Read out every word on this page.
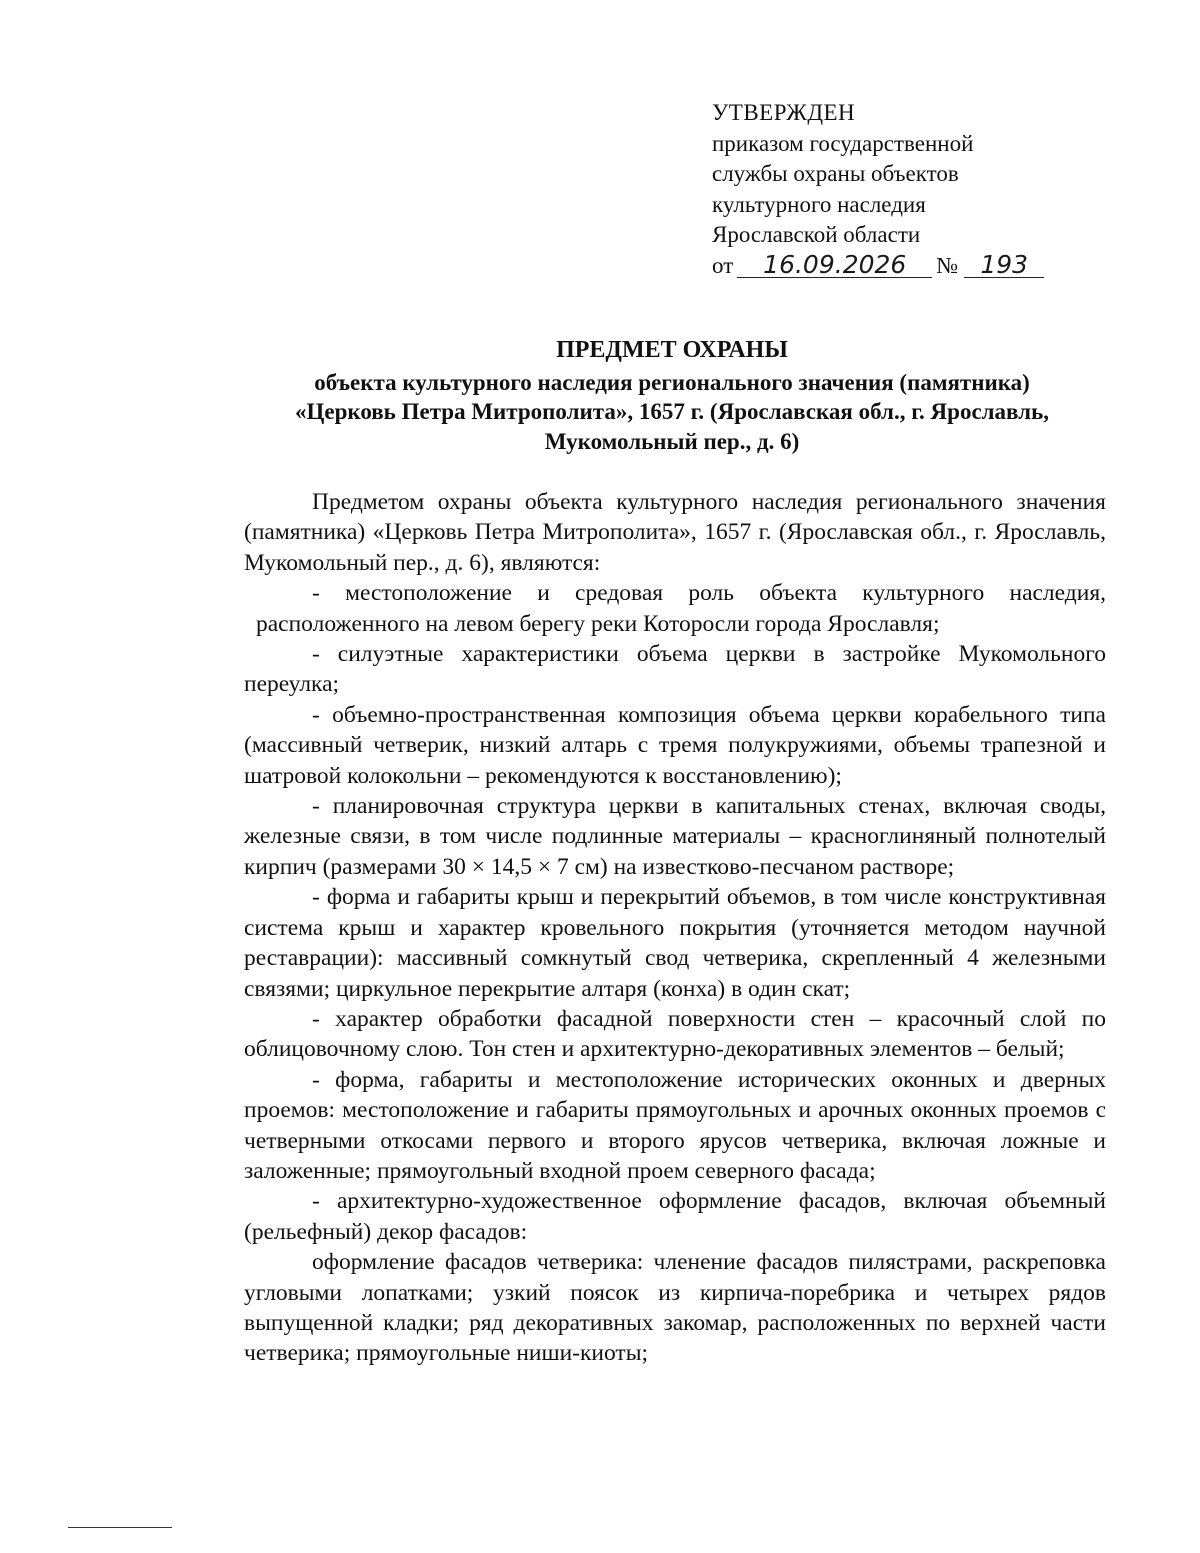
УТВЕРЖДЕН
приказом государственной
службы охраны объектов
культурного наследия
Ярославской области
от 16.09.2026 № 193
ПРЕДМЕТ ОХРАНЫ
объекта культурного наследия регионального значения (памятника)
«Церковь Петра Митрополита», 1657 г. (Ярославская обл., г. Ярославль,
Мукомольный пер., д. 6)

Предметом охраны объекта культурного наследия регионального значения (памятника) «Церковь Петра Митрополита», 1657 г. (Ярославская обл., г. Ярославль, Мукомольный пер., д. 6), являются:

- местоположение и средовая роль объекта культурного наследия, расположенного на левом берегу реки Которосли города Ярославля;

- силуэтные характеристики объема церкви в застройке Мукомольного переулка;

- объемно-пространственная композиция объема церкви корабельного типа (массивный четверик, низкий алтарь с тремя полукружиями, объемы трапезной и шатровой колокольни – рекомендуются к восстановлению);

- планировочная структура церкви в капитальных стенах, включая своды, железные связи, в том числе подлинные материалы – красноглиняный полнотелый кирпич (размерами 30 × 14,5 × 7 см) на известково-песчаном растворе;

- форма и габариты крыш и перекрытий объемов, в том числе конструктивная система крыш и характер кровельного покрытия (уточняется методом научной реставрации): массивный сомкнутый свод четверика, скрепленный 4 железными связями; циркульное перекрытие алтаря (конха) в один скат;

- характер обработки фасадной поверхности стен – красочный слой по облицовочному слою. Тон стен и архитектурно-декоративных элементов – белый;

- форма, габариты и местоположение исторических оконных и дверных проемов: местоположение и габариты прямоугольных и арочных оконных проемов с четверными откосами первого и второго ярусов четверика, включая ложные и заложенные; прямоугольный входной проем северного фасада;

- архитектурно-художественное оформление фасадов, включая объемный (рельефный) декор фасадов:

оформление фасадов четверика: членение фасадов пилястрами, раскреповка угловыми лопатками; узкий поясок из кирпича-поребрика и четырех рядов выпущенной кладки; ряд декоративных закомар, расположенных по верхней части четверика; прямоугольные ниши-киоты;
